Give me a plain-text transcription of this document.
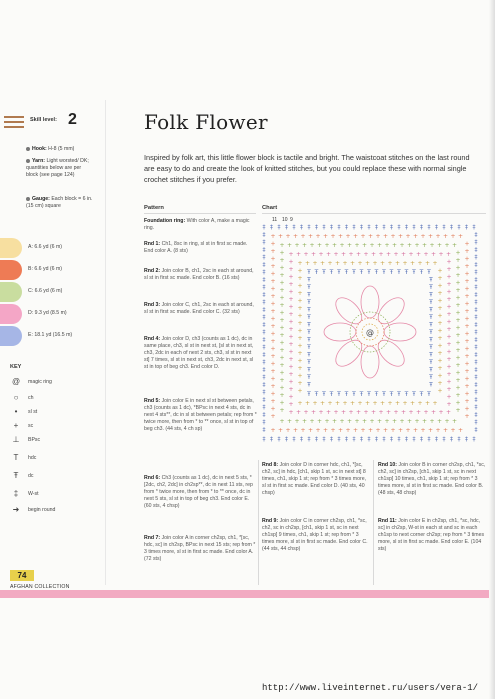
Skill level: 2
Hook: H-8 (5 mm)
Yarn: Light worsted/ DK; quantities below are per block (see page 124)
Gauge: Each block = 6 in. (15 cm) square
A: 6.6 yd (6 m)
B: 6.6 yd (6 m)
C: 6.6 yd (6 m)
D: 9.3 yd (8.5 m)
E: 18.1 yd (16.5 m)
KEY
@	magic ring
○	ch
•	sl st
+	sc
⊥	BPsc
T	hdc
Ŧ	dc
‡	W-st
➜	begin round
Folk Flower
Inspired by folk art, this little flower block is tactile and bright. The waistcoat stitches on the last round are easy to do and create the look of knitted stitches, but you could replace these with normal single crochet stitches if you prefer.
Pattern	Chart
Foundation ring: With color A, make a magic ring.
Rnd 1: Ch1, 8sc in ring, sl st in first sc made. End color A. (8 sts)
Rnd 2: Join color B, ch1, 2sc in each st around, sl st in first sc made. End color B. (16 sts)
Rnd 3: Join color C, ch1, 2sc in each st around, sl st in first sc made. End color C. (32 sts)
Rnd 4: Join color D, ch3 (counts as 1 dc), dc in same place, ch3, sl st in next st, [sl st in next st, ch3, 2dc in each of next 2 sts, ch3, sl st in next st] 7 times, sl st in next st, ch3, 2dc in next st, sl st in top of beg ch3. End color D.
Rnd 5: Join color E in next sl st between petals, ch3 (counts as 1 dc), *BPsc in next 4 sts, dc in next 4 sts**, dc in sl st between petals; rep from * twice more, then from * to ** once, sl st in top of beg ch3. (44 sts, 4 ch sp)
Rnd 6: Ch3 (counts as 1 dc), dc in next 5 sts, *[2dc, ch2, 2dc] in ch2sp**, dc in next 11 sts, rep from * twice more, then from * to ** once, dc in next 5 sts, sl st in top of beg ch3. End color E. (60 sts, 4 chsp)
Rnd 7: Join color A in corner ch2sp, ch1, *[sc, hdc, sc] in ch2sp, BPsc in next 15 sts; rep from * 3 times more, sl st in first sc made. End color A. (72 sts)
Rnd 8: Join color D in corner hdc, ch1, *[sc, ch2, sc] in hdc, [ch1, skip 1 st, sc in next st] 8 times, ch1, skip 1 st; rep from * 3 times more, sl st in first sc made. End color D. (40 sts, 40 chsp)
Rnd 9: Join color C in corner ch2sp, ch1, *sc, ch2, sc in ch2sp, [ch1, skip 1 st, sc in next ch1sp] 9 times, ch1, skip 1 st; rep from * 3 times more, sl st in first sc made. End color C. (44 sts, 44 chsp)
Rnd 10: Join color B in corner ch2sp, ch1, *sc, ch2, sc] in ch2sp, [ch1, skip 1 st, sc in next ch1sp] 10 times, ch1, skip 1 st; rep from * 3 times more, sl st in first sc made. End color B. (48 sts, 48 chsp)
Rnd 11: Join color E in ch2sp, ch1, *sc, hdc, sc] in ch2sp, W-st in each st and sc in each ch1sp to next corner ch2sp; rep from * 3 times more, sl st in first sc made. End color E. (104 sts)
11 10 9
‡
‡
‡
‡
‡	‡
‡
‡
‡	‡
‡
‡
‡	‡
‡
‡
‡	‡
‡
‡
‡	‡
‡
‡
‡	‡
‡
‡
‡	‡
‡
‡
‡	‡
‡
‡
‡	‡
‡
‡
‡	‡
‡
‡
‡	‡
‡
‡
‡	‡
‡
‡
‡	‡
‡
‡
‡	‡
‡
‡
‡	‡
‡
‡
‡	‡
‡
‡
‡	‡
‡
‡
‡	‡
‡
‡
‡	‡
‡
‡
‡	‡
‡
‡
‡	‡
‡
‡
‡	‡
‡
‡
‡	‡
‡
‡
‡	‡
‡
‡
‡	‡
‡
‡
‡	‡
‡
‡
‡	‡
‡
‡
+
+
+
+
+	+
+
+
+	+
+
+
+	+
+
+
+	+
+
+
+	+
+
+
+	+
+
+
+	+
+
+
+	+
+
+
+	+
+
+
+	+
+
+
+	+
+
+
+	+
+
+
+	+
+
+
+	+
+
+
+	+
+
+
+	+
+
+
+	+
+
+
+	+
+
+
+	+
+
+
+	+
+
+
+	+
+
+
+	+
+
+
+	+
+
+
+	+
+
+
+
+
+
+
+	+
+
+
+	+
+
+
+	+
+
+
+	+
+
+
+	+
+
+
+	+
+
+
+	+
+
+
+	+
+
+
+	+
+
+
+	+
+
+
+	+
+
+
+	+
+
+
+	+
+
+
+	+
+
+
+	+
+
+
+	+
+
+
+	+
+
+
+	+
+
+
+	+
+
+
+	+
+
+
+	+
+
+
+	+
+
+
+
+
+
+
+	+
+
+
+	+
+
+
+	+
+
+
+	+
+
+
+	+
+
+
+	+
+
+
+	+
+
+
+	+
+
+
+	+
+
+
+	+
+
+
+	+
+
+
+	+
+
+
+	+
+
+
+	+
+
+
+	+
+
+
+	+
+
+
+	+
+
+
+	+
+
+
+	+
+
+
+	+
+
+
+
+
+
+
+	+
+
+
+	+
+
+
+	+
+
+
+	+
+
+
+	+
+
+
+	+
+
+
+	+
+
+
+	+
+
+
+	+
+
+
+	+
+
+
+	+
+
+
+	+
+
+
+	+
+
+
+	+
+
+
+	+
+
+
+	+
+
+
+	+
+
+
Ŧ
Ŧ
Ŧ
Ŧ
Ŧ	Ŧ
Ŧ
Ŧ
Ŧ	Ŧ
Ŧ
Ŧ
Ŧ	Ŧ
Ŧ
Ŧ
Ŧ	Ŧ
Ŧ
Ŧ
Ŧ	Ŧ
Ŧ
Ŧ
Ŧ	Ŧ
Ŧ
Ŧ
Ŧ	Ŧ
Ŧ
Ŧ
Ŧ	Ŧ
Ŧ
Ŧ
Ŧ	Ŧ
Ŧ
Ŧ
Ŧ	Ŧ
Ŧ
Ŧ
Ŧ	Ŧ
Ŧ
Ŧ
Ŧ	Ŧ
Ŧ
Ŧ
Ŧ	Ŧ
Ŧ
Ŧ
Ŧ	Ŧ
Ŧ
Ŧ
Ŧ	Ŧ
Ŧ
Ŧ
@
74
AFGHAN COLLECTION
http://www.liveinternet.ru/users/vera-1/
